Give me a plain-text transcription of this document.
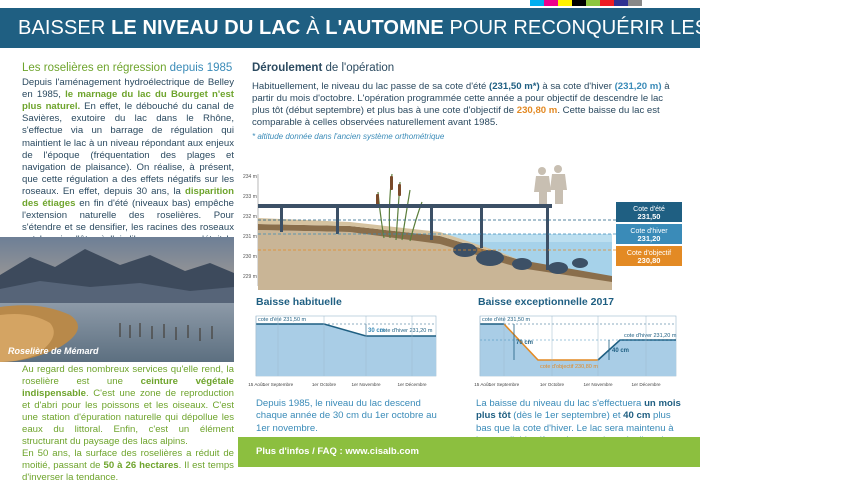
BAISSER LE NIVEAU DU LAC À L'AUTOMNE POUR RECONQUÉRIR LES ROSELIÈRES
Les roselières en régression depuis 1985

Depuis l'aménagement hydroélectrique de Belley en 1985, le marnage du lac du Bourget n'est plus naturel. En effet, le débouché du canal de Savières, exutoire du lac dans le Rhône, s'effectue via un barrage de régulation qui maintient le lac à un niveau répondant aux enjeux de l'époque (fréquentation des plages et navigation de plaisance). On réalise, à présent, que cette régulation a des effets négatifs sur les roseaux. En effet, depuis 30 ans, la disparition des étiages en fin d'été (niveaux bas) empêche l'extension naturelle des roselières. Pour s'étendre et se densifier, les racines des roseaux

Roselière de Mémard

Au regard des nombreux services qu'elle rend, la roselière est une ceinture végétale indispensable. C'est une zone de reproduction et d'abri pour les poissons et les oiseaux. C'est une station d'épuration naturelle qui dépollue les eaux du littoral. Enfin, c'est un élément structurant du paysage des lacs alpins.

En 50 ans, la surface des roselières a réduit de moitié, passant de 50 à 26 hectares. Il est temps d'inverser la tendance.

Déroulement de l'opération

Habituellement, le niveau du lac passe de sa cote d'été (231,50 m*) à sa cote d'hiver (231,20 m) à partir du mois d'octobre. L'opération programmée cette année a pour objectif de descendre le lac plus tôt (début septembre) et plus bas à une cote d'objectif de 230,80 m. Cette baisse du lac est comparable à celles observées naturellement avant 1985.

* altitude donnée dans l'ancien système orthométrique

234 m
233 m
232 m
231 m
230 m
229 m
Cote d'été
231,50
Cote d'hiver
231,20
Cote d'objectif
230,80
Baisse habituelle
cote d'été 231,50 m
cote d'hiver 231,20 m
30 cm
15 Août 1er Septembre	1er Octobre	1er Novembre	1er Décembre
Depuis 1985, le niveau du lac descend chaque année de 30 cm du 1er octobre au 1er novembre.
Baisse exceptionnelle 2017
cote d'été 231,50 m
cote d'hiver 231,20 m
cote d'objectif 230,80 m
70 cm
40 cm
15 Août 1er Septembre	1er Octobre	1er Novembre	1er Décembre
La baisse du niveau du lac s'effectuera un mois plus tôt (dès le 1er septembre) et 40 cm plus bas que la cote d'hiver. Le lac sera maintenu à
Plus d'infos / FAQ : www.cisalb.com
